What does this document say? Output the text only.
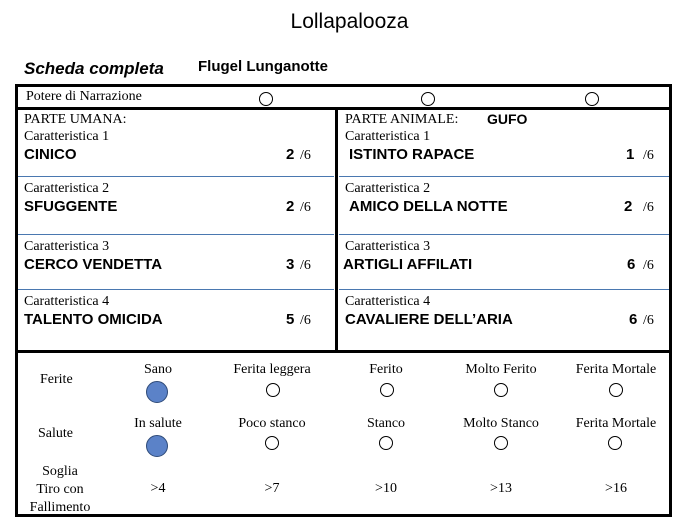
Lollapalooza
Scheda completa Flugel Lunganotte
Potere di Narrazione
PARTE UMANA:
Caratteristica 1
CINICO	2 /6
Caratteristica 2
SFUGGENTE	2 /6
Caratteristica 3
CERCO VENDETTA	3 /6
Caratteristica 4
TALENTO OMICIDA	5 /6
PARTE ANIMALE: GUFO
Caratteristica 1
ISTINTO RAPACE	1 /6
Caratteristica 2
AMICO DELLA NOTTE	2 /6
Caratteristica 3
ARTIGLI AFFILATI	6 /6
Caratteristica 4
CAVALIERE DELL’ARIA	6 /6
Ferite
Sano	Ferita leggera	Ferito	Molto Ferito	Ferita Mortale
Salute
In salute	Poco stanco	Stanco	Molto Stanco	Ferita Mortale
Soglia
Tiro con
Fallimento
>4	>7	>10	>13	>16
